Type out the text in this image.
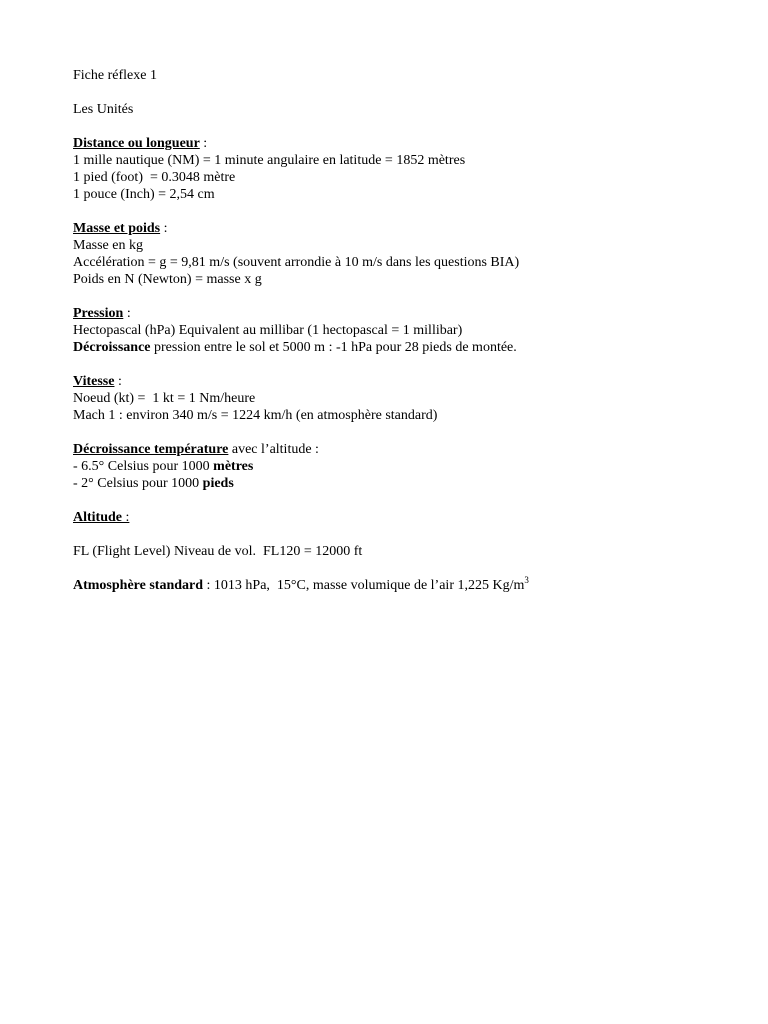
Fiche réflexe 1

Les Unités

Distance ou longueur :

1 mille nautique (NM) = 1 minute angulaire en latitude = 1852 mètres

1 pied (foot)  = 0.3048 mètre

1 pouce (Inch) = 2,54 cm

Masse et poids :

Masse en kg

Accélération = g = 9,81 m/s (souvent arrondie à 10 m/s dans les questions BIA)

Poids en N (Newton) = masse x g

Pression :

Hectopascal (hPa) Equivalent au millibar (1 hectopascal = 1 millibar)

Décroissance pression entre le sol et 5000 m : -1 hPa pour 28 pieds de montée.

Vitesse :

Noeud (kt) =  1 kt = 1 Nm/heure

Mach 1 : environ 340 m/s = 1224 km/h (en atmosphère standard)

Décroissance température avec l’altitude :

- 6.5° Celsius pour 1000 mètres

- 2° Celsius pour 1000 pieds

Altitude :

FL (Flight Level) Niveau de vol.  FL120 = 12000 ft

Atmosphère standard : 1013 hPa,  15°C, masse volumique de l’air 1,225 $Kg/m^3$
